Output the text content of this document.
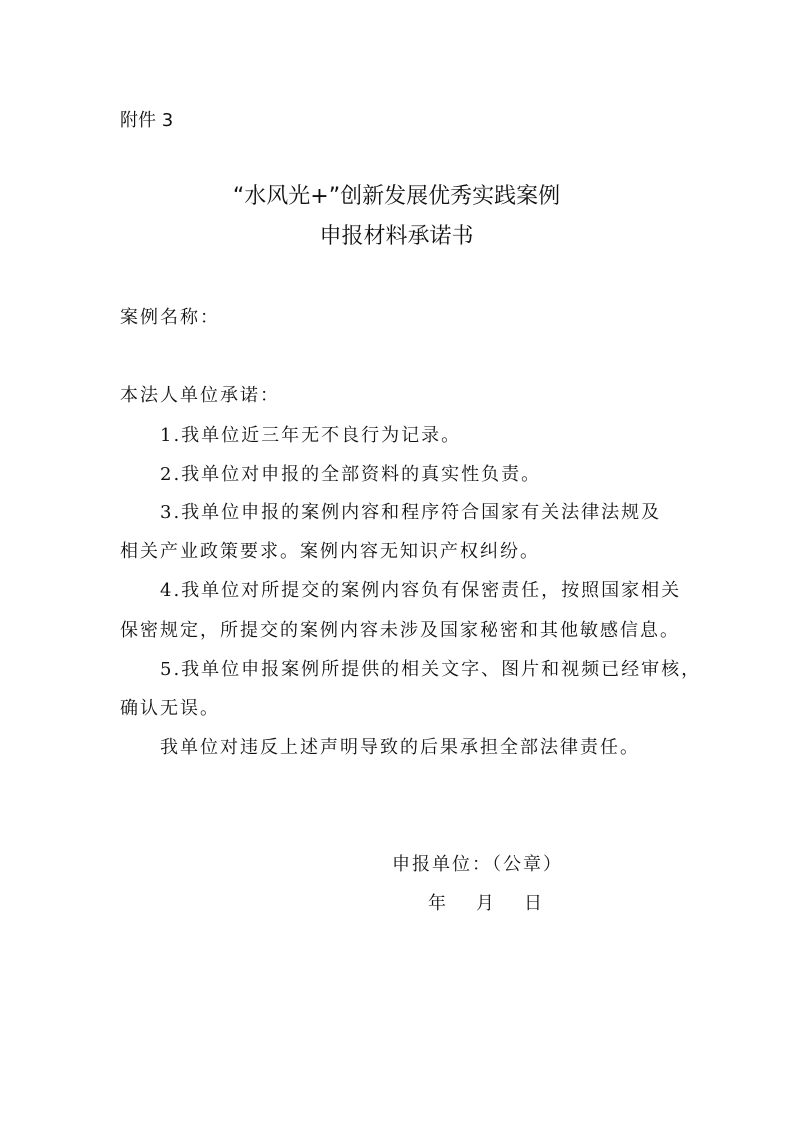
附件 3
“水风光+”创新发展优秀实践案例
申报材料承诺书
案例名称：
本法人单位承诺：
1.我单位近三年无不良行为记录。
2.我单位对申报的全部资料的真实性负责。
3.我单位申报的案例内容和程序符合国家有关法律法规及
相关产业政策要求。案例内容无知识产权纠纷。
4.我单位对所提交的案例内容负有保密责任，按照国家相关
保密规定，所提交的案例内容未涉及国家秘密和其他敏感信息。
5.我单位申报案例所提供的相关文字、图片和视频已经审核，
确认无误。
我单位对违反上述声明导致的后果承担全部法律责任。
申报单位：（公章）
年 月 日
